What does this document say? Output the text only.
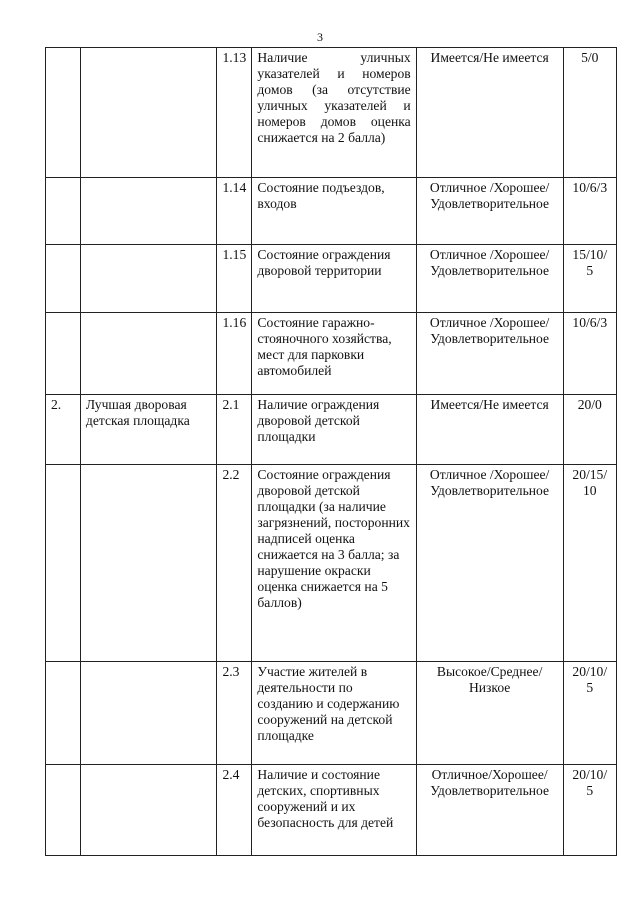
3
		1.13	Наличие уличных указателей и номеров домов (за отсутствие уличных указателей и номеров домов оценка снижается на 2 балла)	Имеется/Не имеется	5/0
		1.14	Состояние подъездов, входов	Отличное /Хорошее/ Удовлетворительное	10/6/3
		1.15	Состояние ограждения дворовой территории	Отличное /Хорошее/ Удовлетворительное	15/10/ 5
		1.16	Состояние гаражно-стояночного хозяйства, мест для парковки автомобилей	Отличное /Хорошее/ Удовлетворительное	10/6/3
2.	Лучшая дворовая детская площадка	2.1	Наличие ограждения дворовой детской площадки	Имеется/Не имеется	20/0
		2.2	Состояние ограждения дворовой детской площадки (за наличие загрязнений, посторонних надписей оценка снижается на 3 балла; за нарушение окраски оценка снижается на 5 баллов)	Отличное /Хорошее/ Удовлетворительное	20/15/ 10
		2.3	Участие жителей в деятельности по созданию и содержанию сооружений на детской площадке	Высокое/Среднее/ Низкое	20/10/ 5
		2.4	Наличие и состояние детских, спортивных сооружений и их безопасность для детей	Отличное/Хорошее/ Удовлетворительное	20/10/ 5
